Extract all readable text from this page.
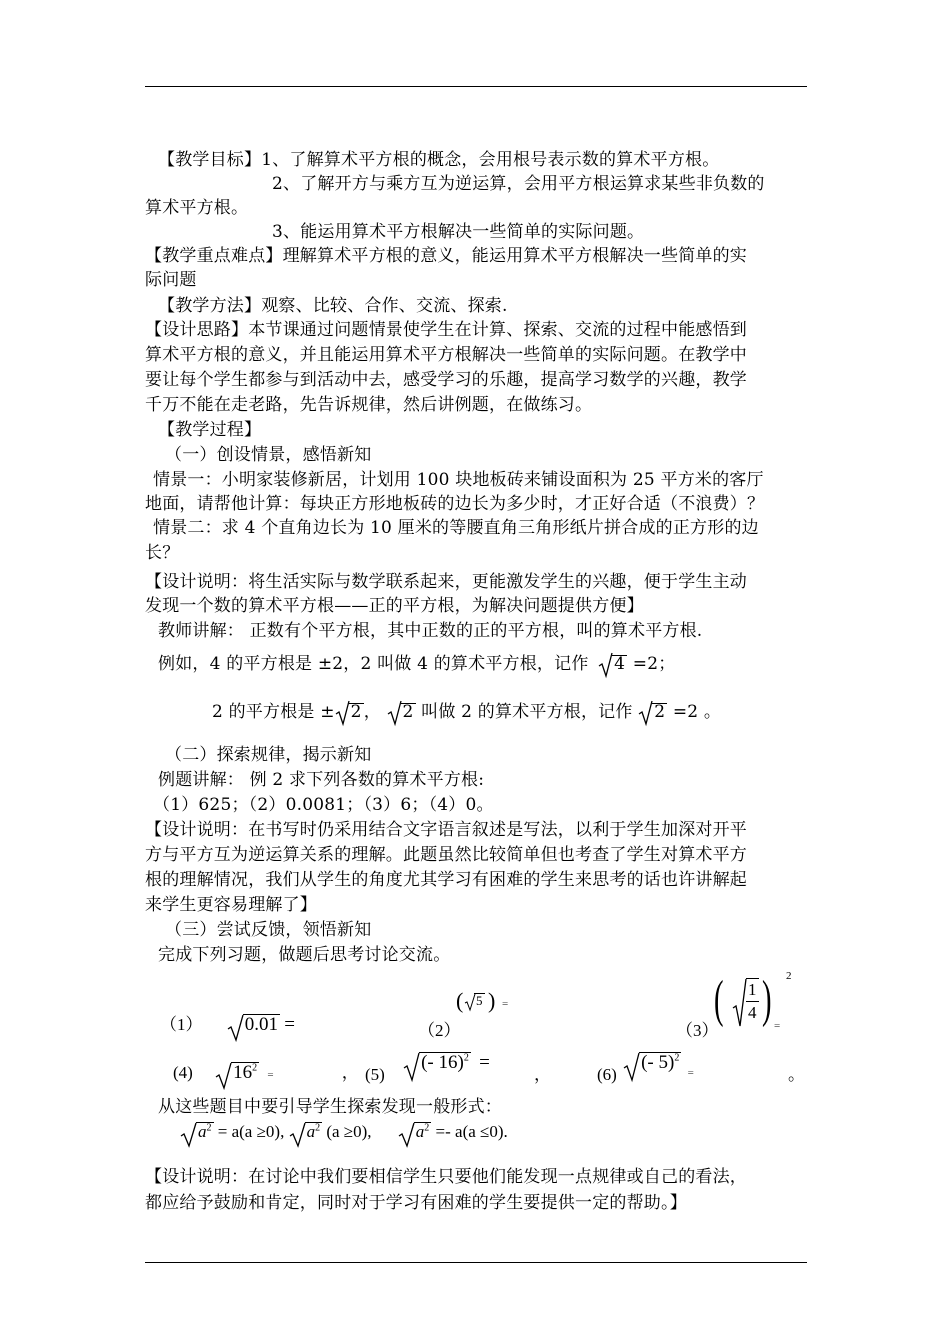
【教学目标】1、了解算术平方根的概念，会用根号表示数的算术平方根。
2、了解开方与乘方互为逆运算，会用平方根运算求某些非负数的
算术平方根。
3、能运用算术平方根解决一些简单的实际问题。
【教学重点难点】理解算术平方根的意义，能运用算术平方根解决一些简单的实
际问题
【教学方法】观察、比较、合作、交流、探索.
【设计思路】本节课通过问题情景使学生在计算、探索、交流的过程中能感悟到
算术平方根的意义，并且能运用算术平方根解决一些简单的实际问题。在教学中
要让每个学生都参与到活动中去，感受学习的乐趣，提高学习数学的兴趣，教学
千万不能在走老路，先告诉规律，然后讲例题，在做练习。
【教学过程】
（一）创设情景，感悟新知
情景一：小明家装修新居，计划用 100 块地板砖来铺设面积为 25 平方米的客厅
地面，请帮他计算：每块正方形地板砖的边长为多少时，才正好合适（不浪费）？
情景二：求 4 个直角边长为 10 厘米的等腰直角三角形纸片拼合成的正方形的边
长？
【设计说明：将生活实际与数学联系起来，更能激发学生的兴趣，便于学生主动
发现一个数的算术平方根——正的平方根，为解决问题提供方便】
教师讲解： 正数有个平方根，其中正数的正的平方根，叫的算术平方根.
例如，4 的平方根是 ±2，2 叫做 4 的算术平方根，记作 4 =2；
2 的平方根是 ± 2 ， 2 叫做 2 的算术平方根，记作 2 =2 。
（二）探索规律，揭示新知
例题讲解： 例 2 求下列各数的算术平方根:
（1）625；（2）0.0081；（3）6；（4）0。
【设计说明：在书写时仍采用结合文字语言叙述是写法，以利于学生加深对开平
方与平方互为逆运算关系的理解。此题虽然比较简单但也考查了学生对算术平方
根的理解情况，我们从学生的角度尤其学习有困难的学生来思考的话也许讲解起
来学生更容易理解了】
（三）尝试反馈，领悟新知
完成下列习题，做题后思考讨论交流。
（1） 0.01 =
( 5 ) =
（2）	（3）
( $\frac{1}{4}$ ) 2
=
(4) $16^2$ =	， (5)
(- 16)$^2$ = ，	(6)
(- 5)$^2$ $_=$	。
从这些题目中要引导学生探索发现一般形式：
$a^2 = a(a \ge 0)$, $a^2$ (a ≥0),	$a^2 =- a(a \le 0)$.
【设计说明：在讨论中我们要相信学生只要他们能发现一点规律或自己的看法，
都应给予鼓励和肯定，同时对于学习有困难的学生要提供一定的帮助。】
